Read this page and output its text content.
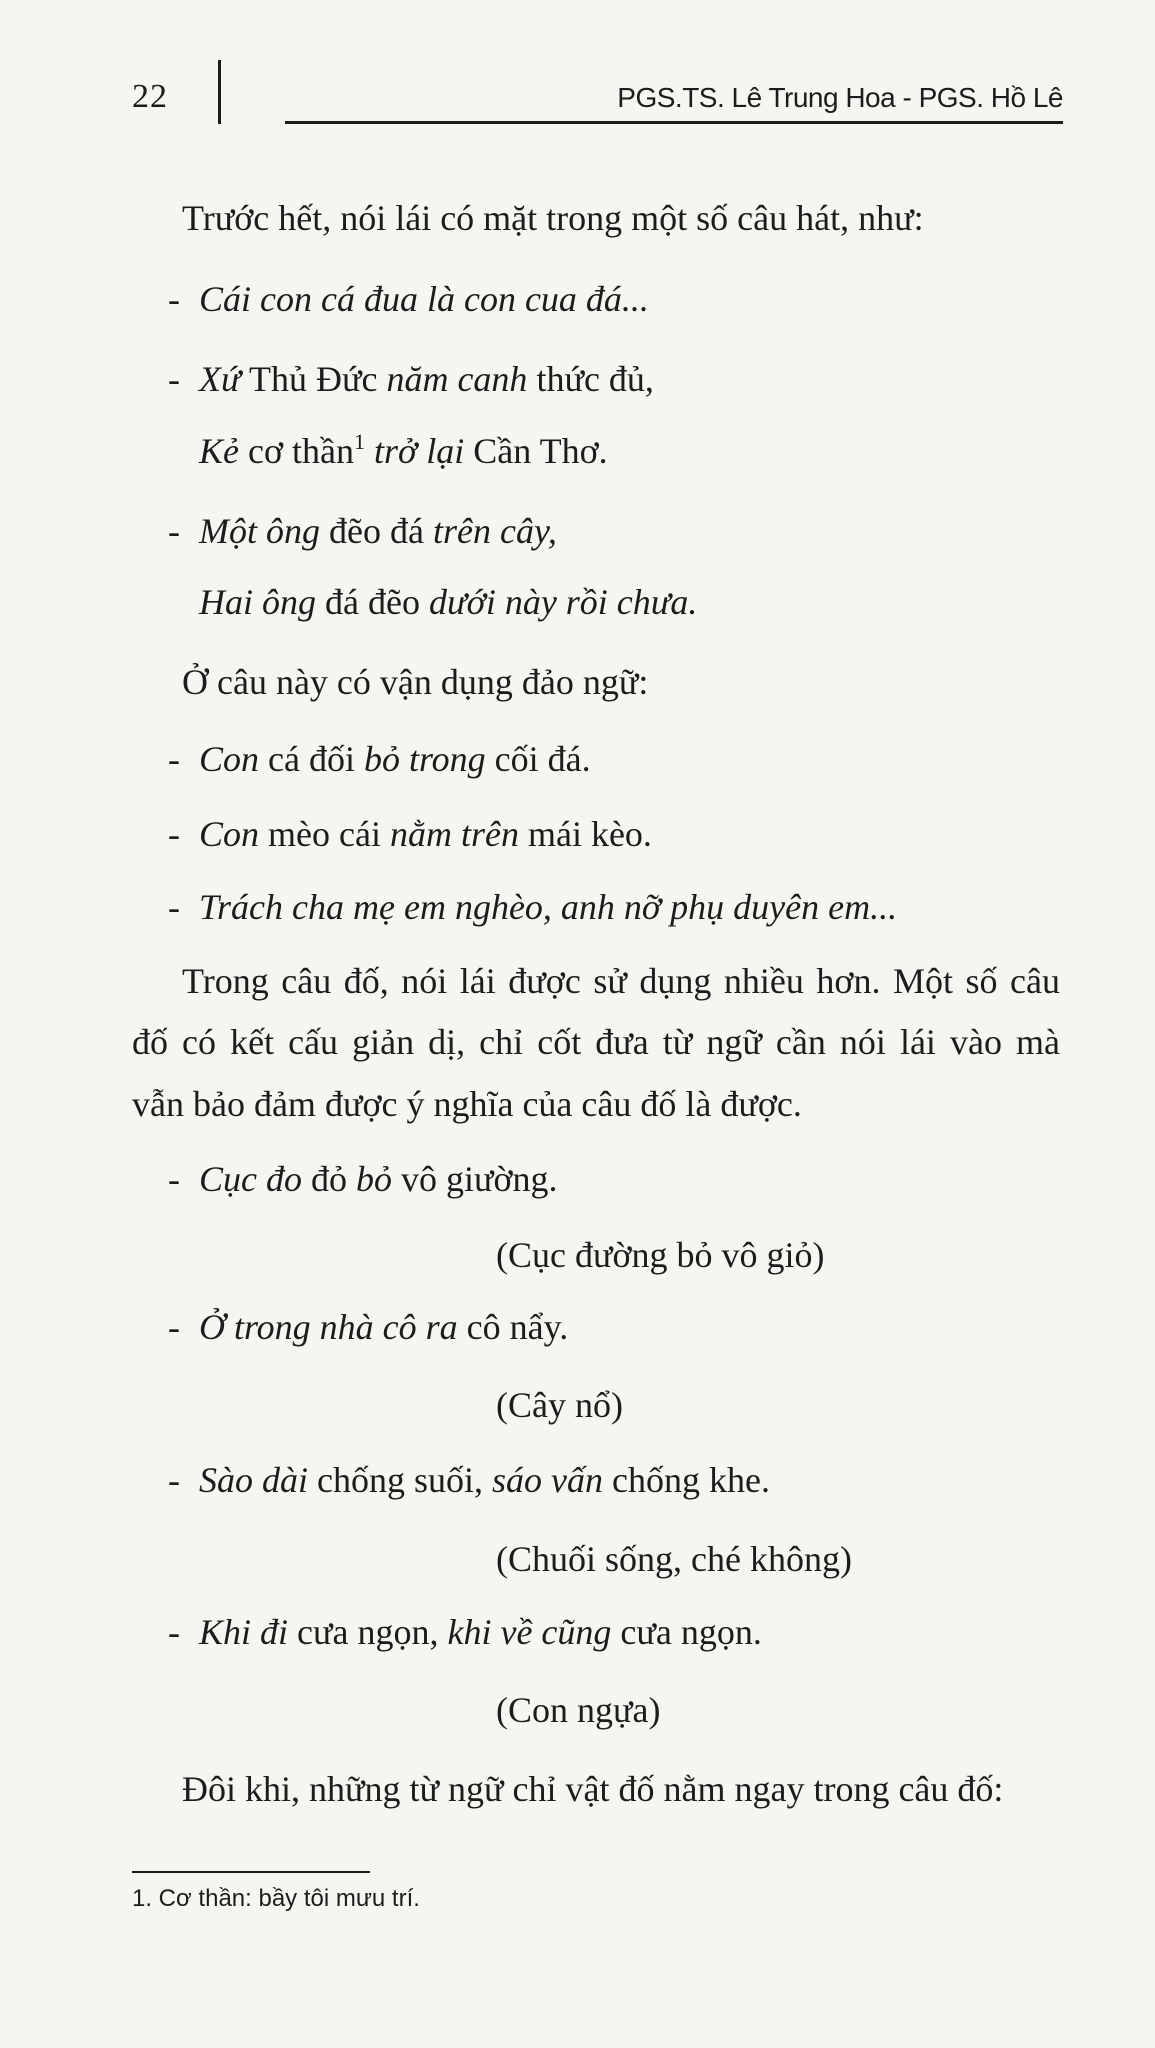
22	PGS.TS. Lê Trung Hoa - PGS. Hồ Lê
Trước hết, nói lái có mặt trong một số câu hát, như:
- Cái con cá đua là con cua đá...
- Xứ Thủ Đức năm canh thức đủ,
Kẻ cơ thần$^1$ trở lại Cần Thơ.
- Một ông đẽo đá trên cây,
Hai ông đá đẽo dưới này rồi chưa.
Ở câu này có vận dụng đảo ngữ:
- Con cá đối bỏ trong cối đá.
- Con mèo cái nằm trên mái kèo.
- Trách cha mẹ em nghèo, anh nỡ phụ duyên em...
Trong câu đố, nói lái được sử dụng nhiều hơn. Một số câu
đố có kết cấu giản dị, chỉ cốt đưa từ ngữ cần nói lái vào mà
vẫn bảo đảm được ý nghĩa của câu đố là được.
- Cục đo đỏ bỏ vô giường.
(Cục đường bỏ vô giỏ)
- Ở trong nhà cô ra cô nẩy.
(Cây nổ)
- Sào dài chống suối, sáo vấn chống khe.
(Chuối sống, ché không)
- Khi đi cưa ngọn, khi về cũng cưa ngọn.
(Con ngựa)
Đôi khi, những từ ngữ chỉ vật đố nằm ngay trong câu đố:
1. Cơ thần: bầy tôi mưu trí.
